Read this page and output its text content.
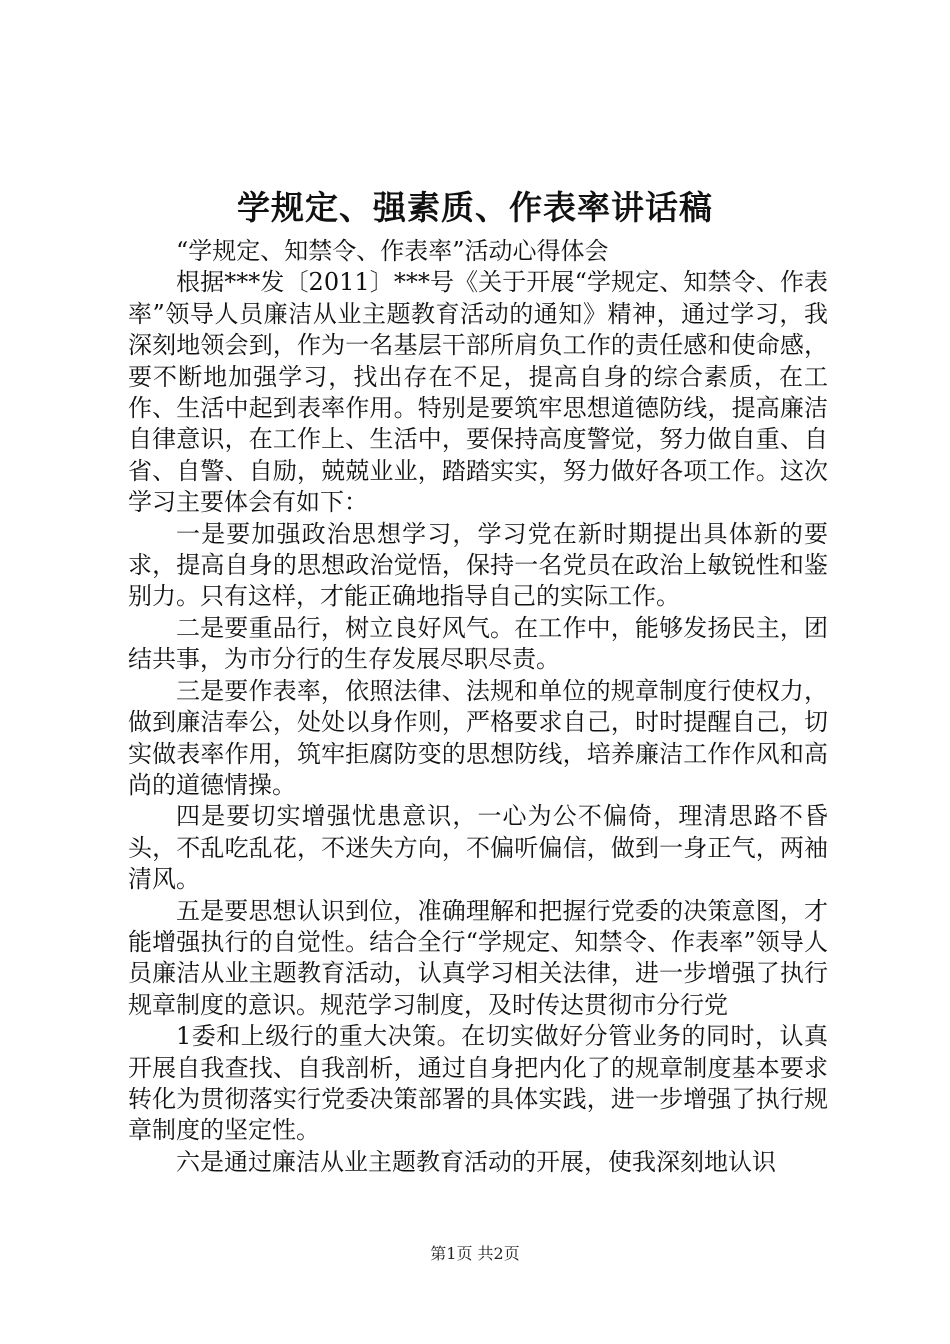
学规定、强素质、作表率讲话稿

“学规定、知禁令、作表率”活动心得体会

根据***发〔2011〕***号《关于开展“学规定、知禁令、作表率”领导人员廉洁从业主题教育活动的通知》精神，通过学习，我深刻地领会到，作为一名基层干部所肩负工作的责任感和使命感，要不断地加强学习，找出存在不足，提高自身的综合素质，在工作、生活中起到表率作用。特别是要筑牢思想道德防线，提高廉洁自律意识，在工作上、生活中，要保持高度警觉，努力做自重、自省、自警、自励，兢兢业业，踏踏实实，努力做好各项工作。这次学习主要体会有如下：

一是要加强政治思想学习，学习党在新时期提出具体新的要求，提高自身的思想政治觉悟，保持一名党员在政治上敏锐性和鉴别力。只有这样，才能正确地指导自己的实际工作。

二是要重品行，树立良好风气。在工作中，能够发扬民主，团结共事，为市分行的生存发展尽职尽责。

三是要作表率，依照法律、法规和单位的规章制度行使权力，做到廉洁奉公，处处以身作则，严格要求自己，时时提醒自己，切实做表率作用，筑牢拒腐防变的思想防线，培养廉洁工作作风和高尚的道德情操。

四是要切实增强忧患意识，一心为公不偏倚，理清思路不昏头，不乱吃乱花，不迷失方向，不偏听偏信，做到一身正气，两袖清风。

五是要思想认识到位，准确理解和把握行党委的决策意图，才能增强执行的自觉性。结合全行“学规定、知禁令、作表率”领导人员廉洁从业主题教育活动，认真学习相关法律，进一步增强了执行规章制度的意识。规范学习制度，及时传达贯彻市分行党

1委和上级行的重大决策。在切实做好分管业务的同时，认真开展自我查找、自我剖析，通过自身把内化了的规章制度基本要求转化为贯彻落实行党委决策部署的具体实践，进一步增强了执行规章制度的坚定性。

六是通过廉洁从业主题教育活动的开展，使我深刻地认识

第1页 共2页
